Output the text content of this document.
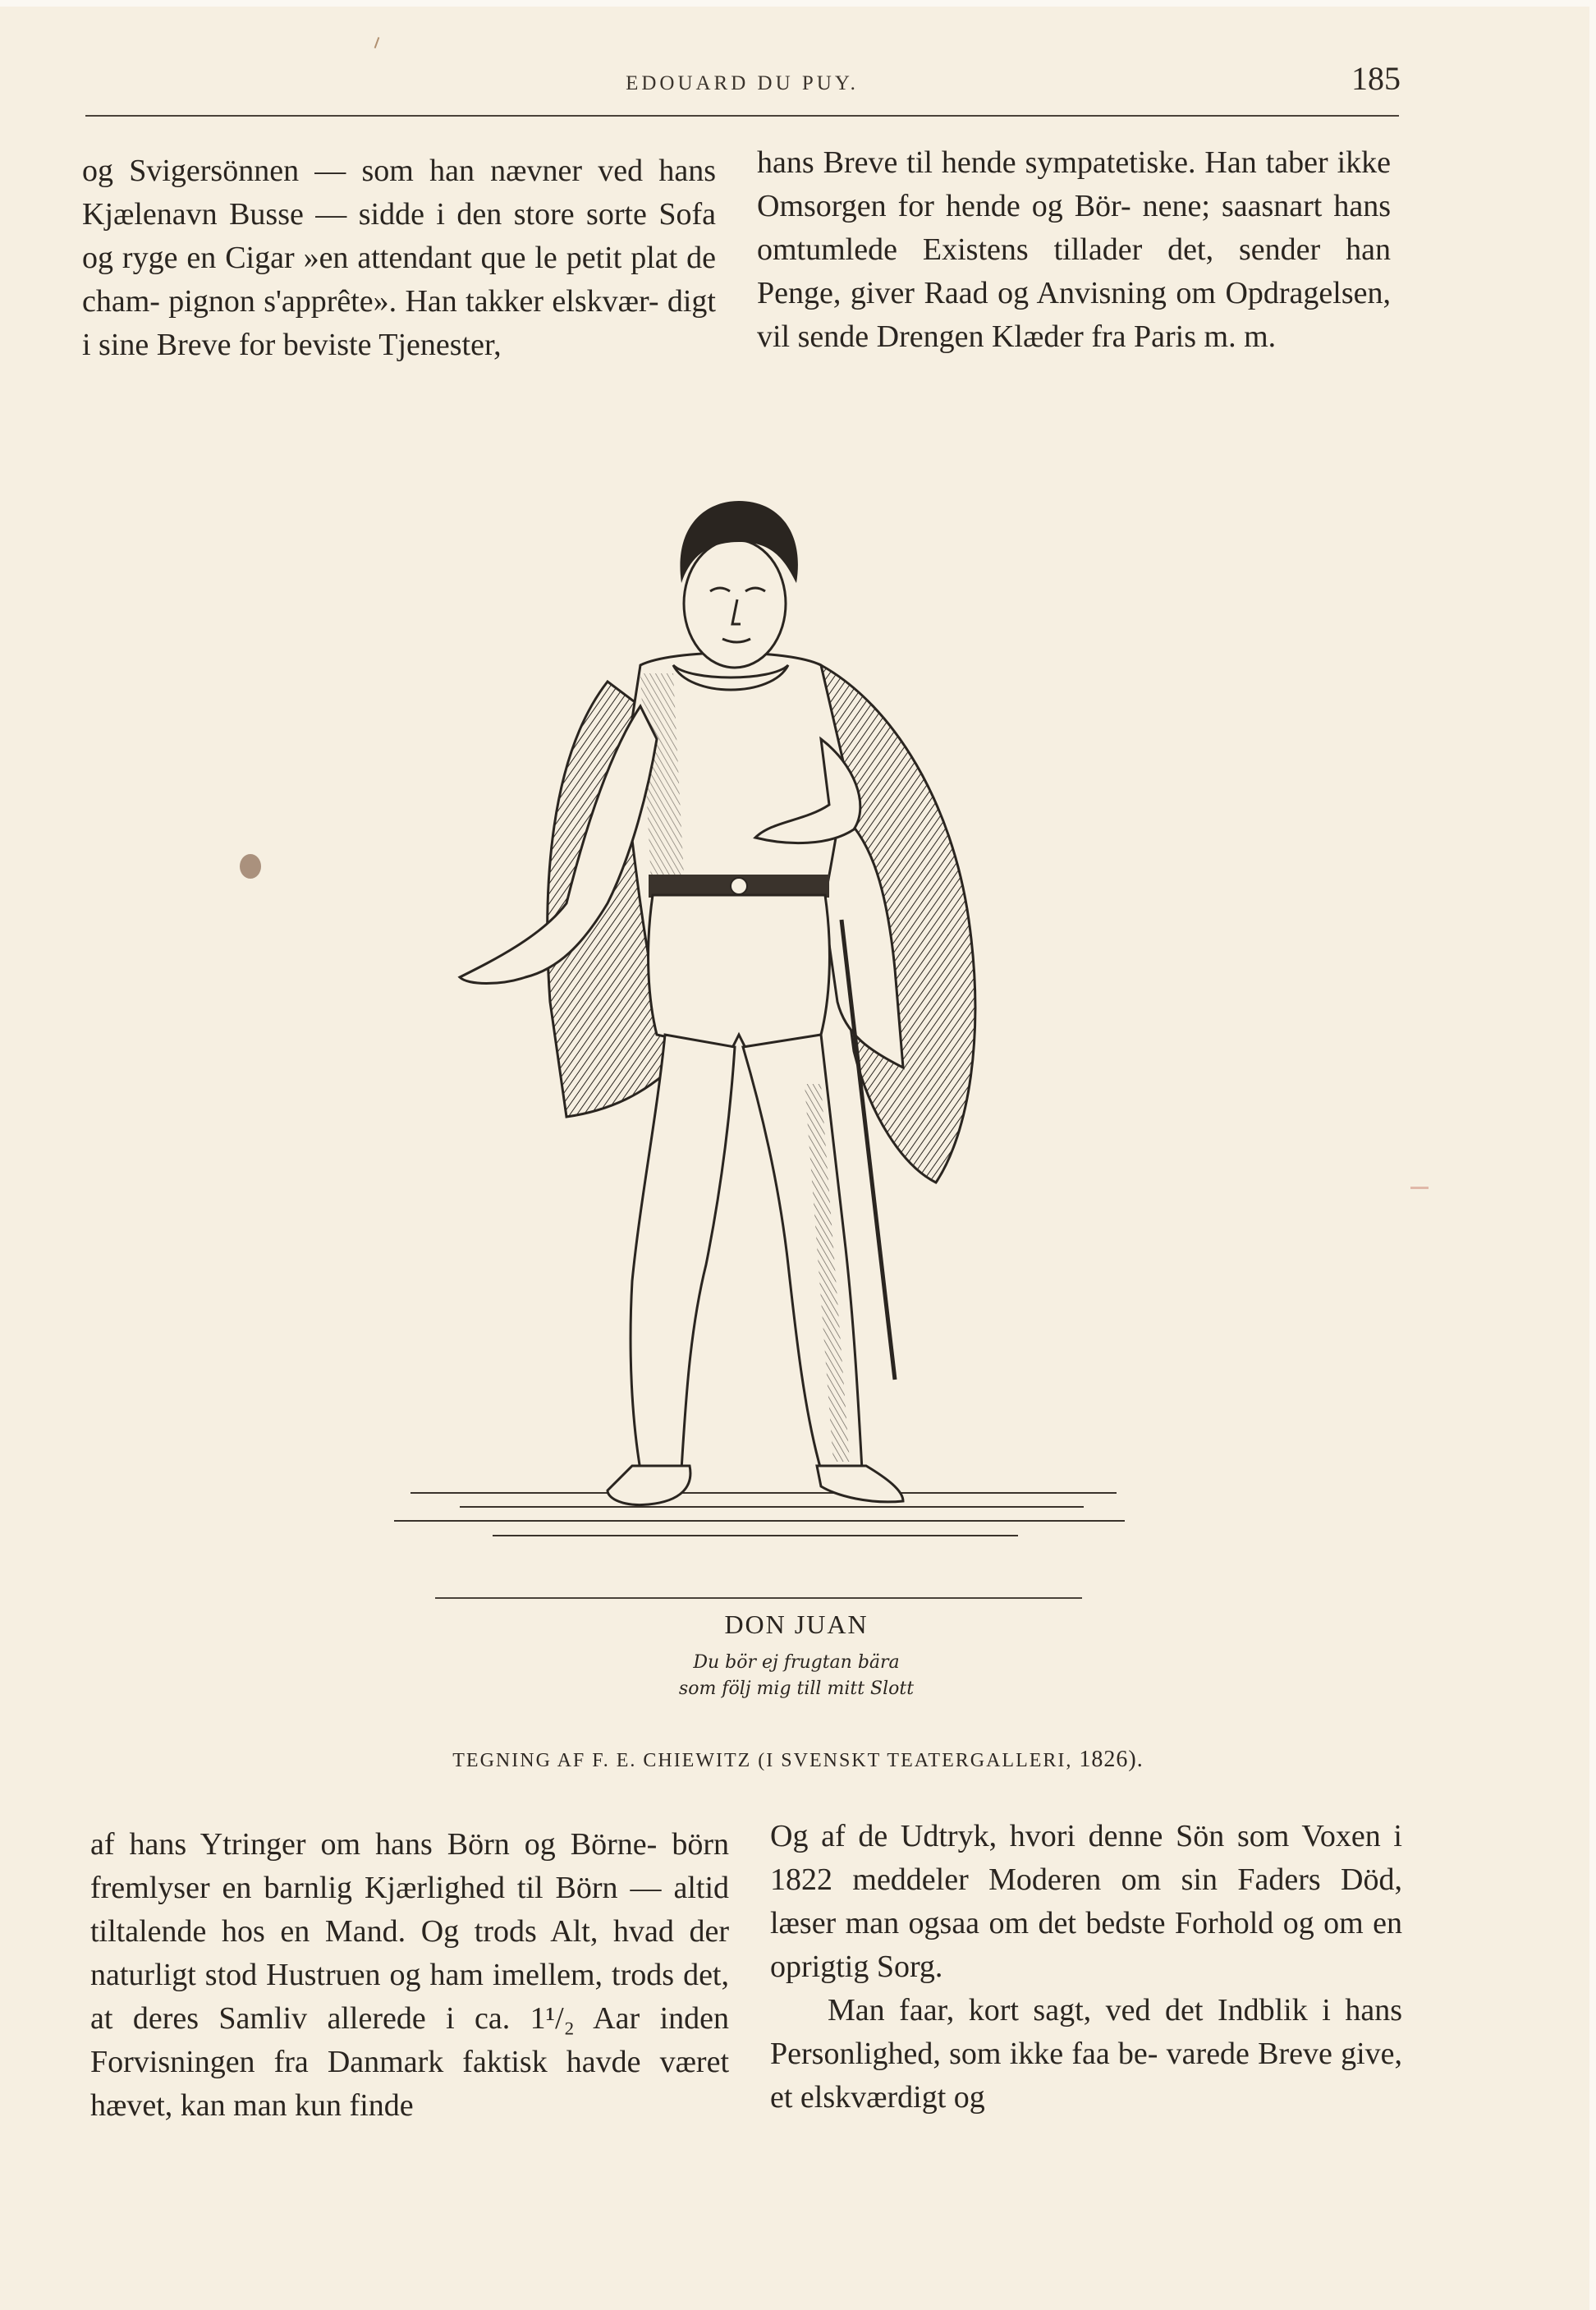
EDOUARD DU PUY.	185

og Svigersönnen — som han nævner ved hans Kjælenavn Busse — sidde i den store sorte Sofa og ryge en Cigar »en attendant que le petit plat de cham- pignon s'apprête». Han takker elskvær- digt i sine Breve for beviste Tjenester,

hans Breve til hende sympatetiske. Han taber ikke Omsorgen for hende og Bör- nene; saasnart hans omtumlede Existens tillader det, sender han Penge, giver Raad og Anvisning om Opdragelsen, vil sende Drengen Klæder fra Paris m. m.

DON JUAN
Du bör ej frugtan bära
som följ mig till mitt Slott
TEGNING AF F. E. CHIEWITZ (I SVENSKT TEATERGALLERI, 1826).

af hans Ytringer om hans Börn og Börne- börn fremlyser en barnlig Kjærlighed til Börn — altid tiltalende hos en Mand. Og trods Alt, hvad der naturligt stod Hustruen og ham imellem, trods det, at deres Samliv allerede i ca. 1¹/₂ Aar inden Forvisningen fra Danmark faktisk havde været hævet, kan man kun finde

Og af de Udtryk, hvori denne Sön som Voxen i 1822 meddeler Moderen om sin Faders Död, læser man ogsaa om det bedste Forhold og om en oprigtig Sorg.

Man faar, kort sagt, ved det Indblik i hans Personlighed, som ikke faa be- varede Breve give, et elskværdigt og
